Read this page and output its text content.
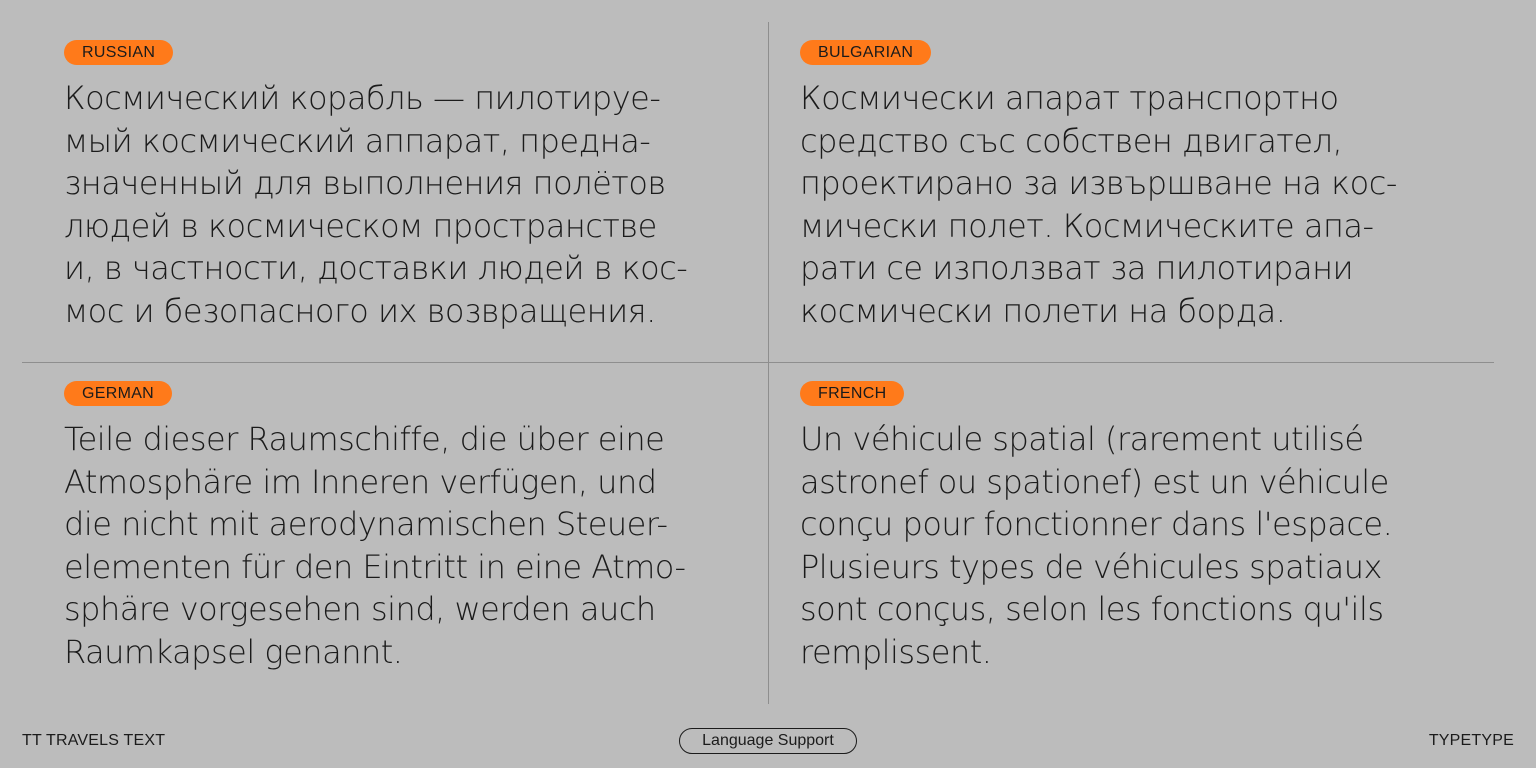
RUSSIAN
Космический корабль — пилотируе-
мый космический аппарат, предна-
значенный для выполнения полётов
людей в космическом пространстве
и, в частности, доставки людей в кос-
мос и безопасного их возвращения.
BULGARIAN
Космически апарат транспортно
средство със собствен двигател,
проектирано за извършване на кос-
мически полет. Космическите апа-
рати се използват за пилотирани
космически полети на борда.
GERMAN
Teile dieser Raumschiffe, die über eine
Atmosphäre im Inneren verfügen, und
die nicht mit aerodynamischen Steuer-
elementen für den Eintritt in eine Atmo-
sphäre vorgesehen sind, werden auch
Raumkapsel genannt.
FRENCH
Un véhicule spatial (rarement utilisé
astronef ou spationef) est un véhicule
conçu pour fonctionner dans l'espace.
Plusieurs types de véhicules spatiaux
sont conçus, selon les fonctions qu'ils
remplissent.
TT TRAVELS TEXT	Language Support	TYPETYPE
